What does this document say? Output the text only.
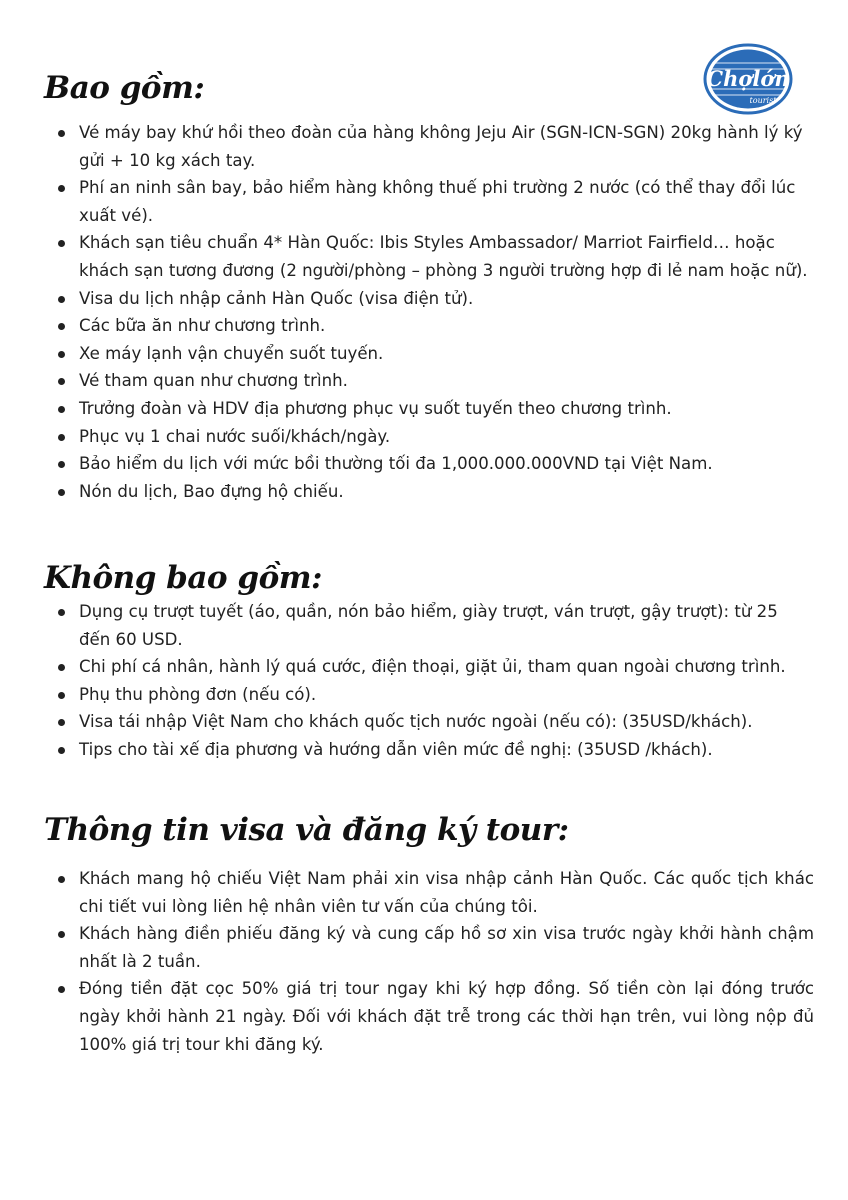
Chợlớn
tourist
Bao gồm:
Vé máy bay khứ hồi theo đoàn của hàng không Jeju Air (SGN-ICN-SGN) 20kg hành lý ký gửi + 10 kg xách tay.
Phí an ninh sân bay, bảo hiểm hàng không thuế phi trường 2 nước (có thể thay đổi lúc xuất vé).
Khách sạn tiêu chuẩn 4* Hàn Quốc: Ibis Styles Ambassador/ Marriot Fairfield… hoặc khách sạn tương đương (2 người/phòng – phòng 3 người trường hợp đi lẻ nam hoặc nữ).
Visa du lịch nhập cảnh Hàn Quốc (visa điện tử).
Các bữa ăn như chương trình.
Xe máy lạnh vận chuyển suốt tuyến.
Vé tham quan như chương trình.
Trưởng đoàn và HDV địa phương phục vụ suốt tuyến theo chương trình.
Phục vụ 1 chai nước suối/khách/ngày.
Bảo hiểm du lịch với mức bồi thường tối đa 1,000.000.000VND tại Việt Nam.
Nón du lịch, Bao đựng hộ chiếu.
Không bao gồm:
Dụng cụ trượt tuyết (áo, quần, nón bảo hiểm, giày trượt, ván trượt, gậy trượt): từ 25 đến 60 USD.
Chi phí cá nhân, hành lý quá cước, điện thoại, giặt ủi, tham quan ngoài chương trình.
Phụ thu phòng đơn (nếu có).
Visa tái nhập Việt Nam cho khách quốc tịch nước ngoài (nếu có): (35USD/khách).
Tips cho tài xế địa phương và hướng dẫn viên mức đề nghị: (35USD /khách).
Thông tin visa và đăng ký tour:
Khách mang hộ chiếu Việt Nam phải xin visa nhập cảnh Hàn Quốc. Các quốc tịch khác chi tiết vui lòng liên hệ nhân viên tư vấn của chúng tôi.
Khách hàng điền phiếu đăng ký và cung cấp hồ sơ xin visa trước ngày khởi hành chậm nhất là 2 tuần.
Đóng tiền đặt cọc 50% giá trị tour ngay khi ký hợp đồng. Số tiền còn lại đóng trước ngày khởi hành 21 ngày. Đối với khách đặt trễ trong các thời hạn trên, vui lòng nộp đủ 100% giá trị tour khi đăng ký.
